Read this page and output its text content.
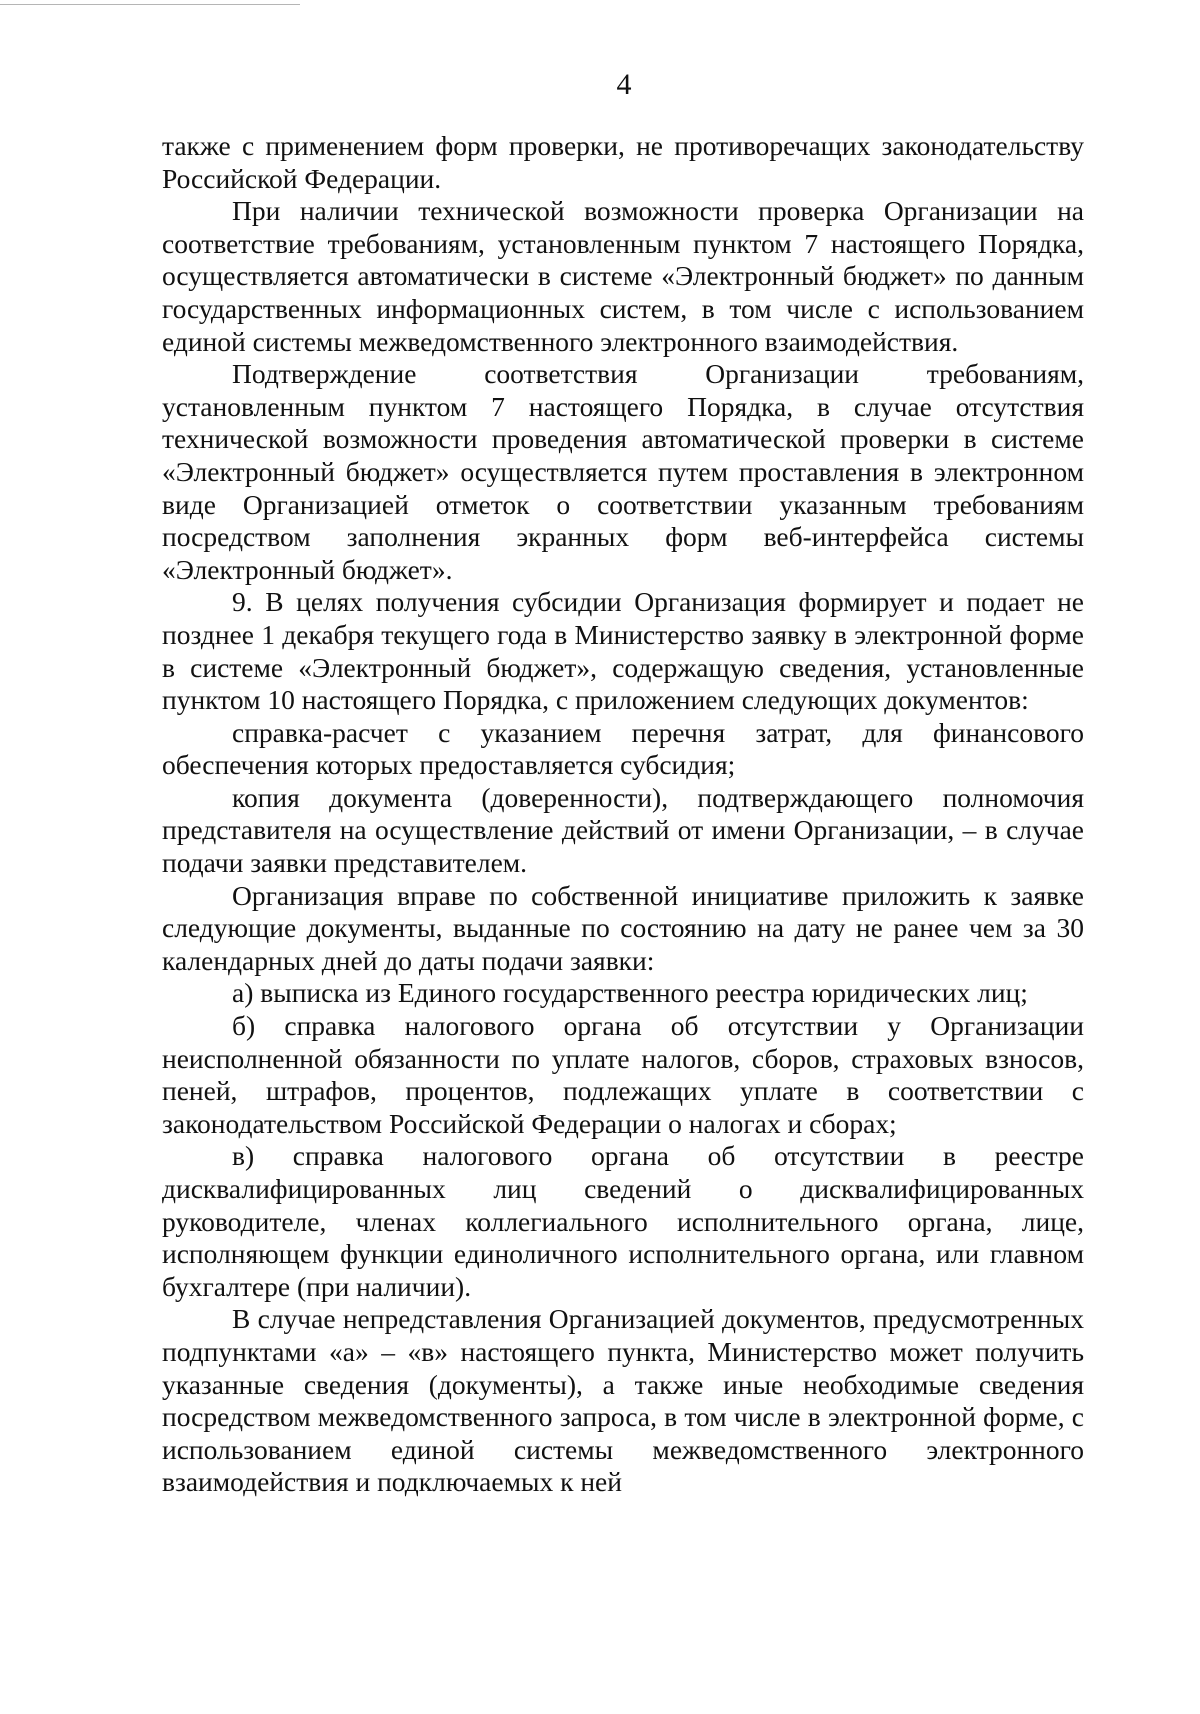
4

также с применением форм проверки, не противоречащих законодательству Российской Федерации.

При наличии технической возможности проверка Организации на соответствие требованиям, установленным пунктом 7 настоящего Порядка, осуществляется автоматически в системе «Электронный бюджет» по данным государственных информационных систем, в том числе с использованием единой системы межведомственного электронного взаимодействия.

Подтверждение соответствия Организации требованиям, установленным пунктом 7 настоящего Порядка, в случае отсутствия технической возможности проведения автоматической проверки в системе «Электронный бюджет» осуществляется путем проставления в электронном виде Организацией отметок о соответствии указанным требованиям посредством заполнения экранных форм веб-интерфейса системы «Электронный бюджет».

9. В целях получения субсидии Организация формирует и подает не позднее 1 декабря текущего года в Министерство заявку в электронной форме в системе «Электронный бюджет», содержащую сведения, установленные пунктом 10 настоящего Порядка, с приложением следующих документов:

справка-расчет с указанием перечня затрат, для финансового обеспечения которых предоставляется субсидия;

копия документа (доверенности), подтверждающего полномочия представителя на осуществление действий от имени Организации, – в случае подачи заявки представителем.

Организация вправе по собственной инициативе приложить к заявке следующие документы, выданные по состоянию на дату не ранее чем за 30 календарных дней до даты подачи заявки:

а) выписка из Единого государственного реестра юридических лиц;

б) справка налогового органа об отсутствии у Организации неисполненной обязанности по уплате налогов, сборов, страховых взносов, пеней, штрафов, процентов, подлежащих уплате в соответствии с законодательством Российской Федерации о налогах и сборах;

в) справка налогового органа об отсутствии в реестре дисквалифицированных лиц сведений о дисквалифицированных руководителе, членах коллегиального исполнительного органа, лице, исполняющем функции единоличного исполнительного органа, или главном бухгалтере (при наличии).

В случае непредставления Организацией документов, предусмотренных подпунктами «а» – «в» настоящего пункта, Министерство может получить указанные сведения (документы), а также иные необходимые сведения посредством межведомственного запроса, в том числе в электронной форме, с использованием единой системы межведомственного электронного взаимодействия и подключаемых к ней
